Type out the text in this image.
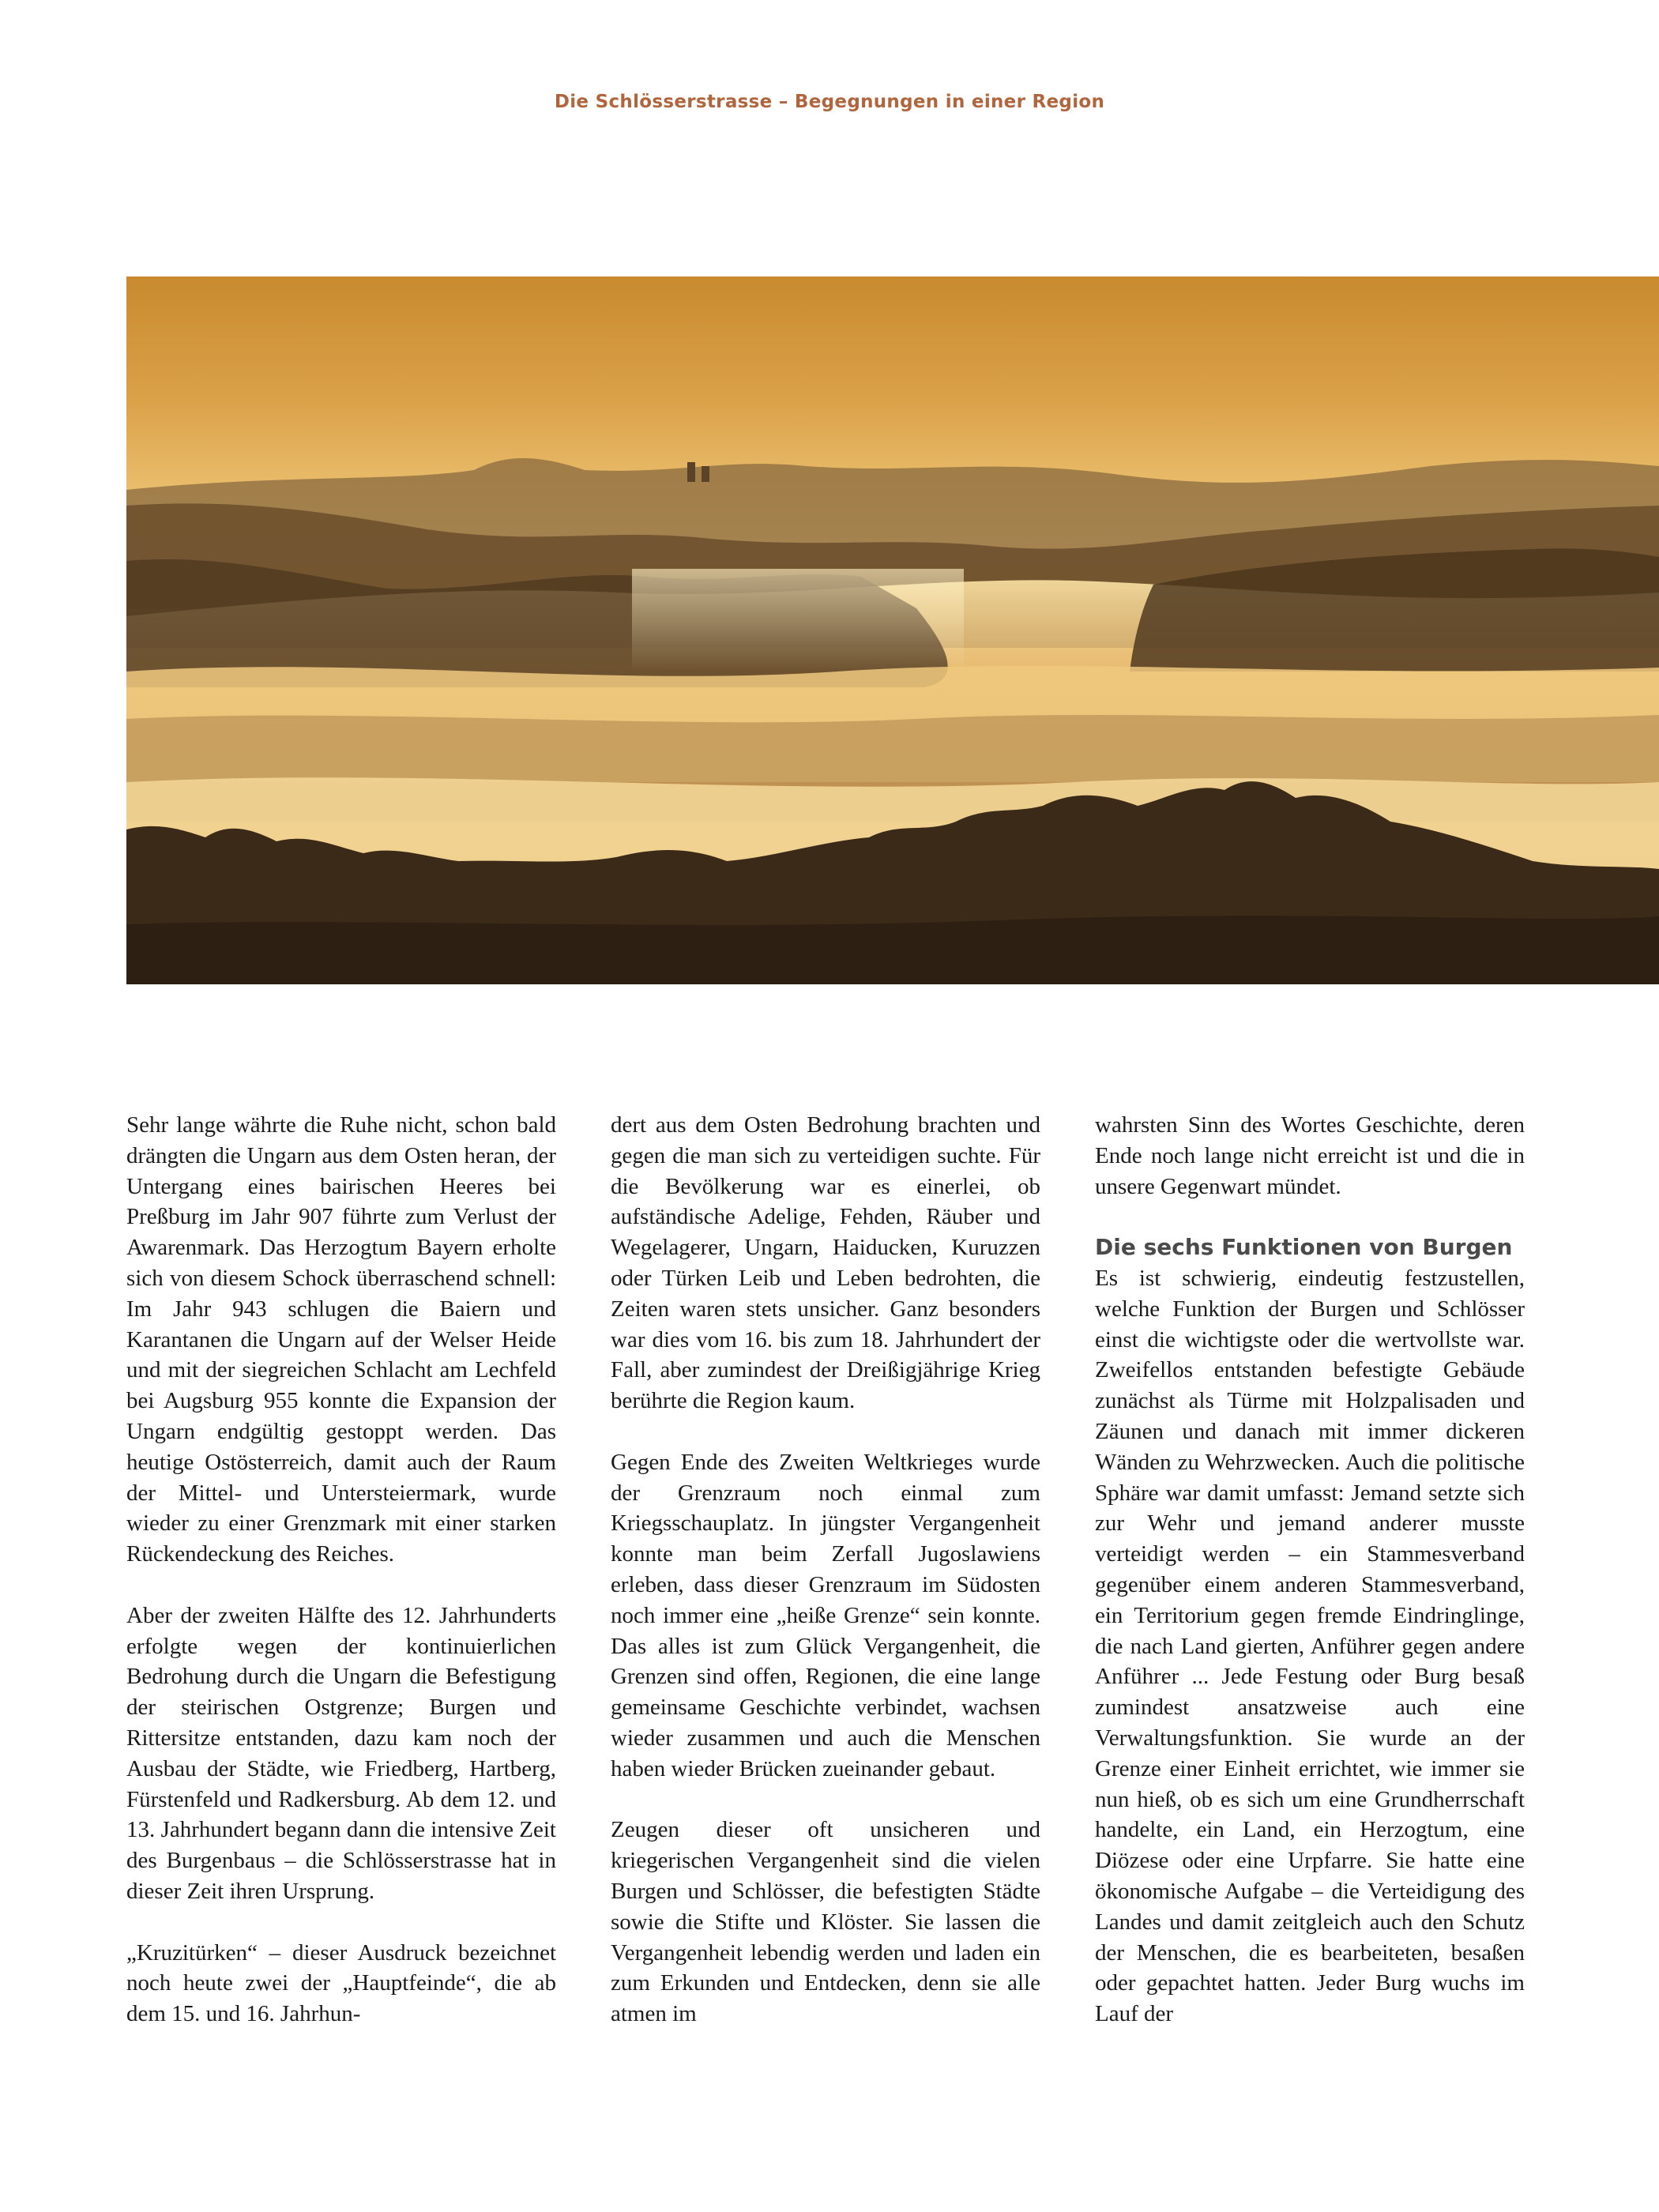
Die Schlösserstrasse – Begegnungen in einer Region

Sehr lange währte die Ruhe nicht, schon bald drängten die Ungarn aus dem Osten heran, der Untergang eines bairischen Heeres bei Preßburg im Jahr 907 führte zum Verlust der Awarenmark. Das Herzogtum Bayern erholte sich von diesem Schock überraschend schnell: Im Jahr 943 schlugen die Baiern und Karantanen die Ungarn auf der Welser Heide und mit der siegreichen Schlacht am Lechfeld bei Augsburg 955 konnte die Expansion der Ungarn endgültig gestoppt werden. Das heutige Ostösterreich, damit auch der Raum der Mittel- und Untersteiermark, wurde wieder zu einer Grenzmark mit einer starken Rückendeckung des Reiches.

Aber der zweiten Hälfte des 12. Jahrhunderts erfolgte wegen der kontinuierlichen Bedrohung durch die Ungarn die Befestigung der steirischen Ostgrenze; Burgen und Rittersitze entstanden, dazu kam noch der Ausbau der Städte, wie Friedberg, Hartberg, Fürstenfeld und Radkersburg. Ab dem 12. und 13. Jahrhundert begann dann die intensive Zeit des Burgenbaus – die Schlösserstrasse hat in dieser Zeit ihren Ursprung.

„Kruzitürken“ – dieser Ausdruck bezeichnet noch heute zwei der „Hauptfeinde“, die ab dem 15. und 16. Jahrhun-

dert aus dem Osten Bedrohung brachten und gegen die man sich zu verteidigen suchte. Für die Bevölkerung war es einerlei, ob aufständische Adelige, Fehden, Räuber und Wegelagerer, Ungarn, Haiducken, Kuruzzen oder Türken Leib und Leben bedrohten, die Zeiten waren stets unsicher. Ganz besonders war dies vom 16. bis zum 18. Jahrhundert der Fall, aber zumindest der Dreißigjährige Krieg berührte die Region kaum.

Gegen Ende des Zweiten Weltkrieges wurde der Grenzraum noch einmal zum Kriegsschauplatz. In jüngster Vergangenheit konnte man beim Zerfall Jugoslawiens erleben, dass dieser Grenzraum im Südosten noch immer eine „heiße Grenze“ sein konnte. Das alles ist zum Glück Vergangenheit, die Grenzen sind offen, Regionen, die eine lange gemeinsame Geschichte verbindet, wachsen wieder zusammen und auch die Menschen haben wieder Brücken zueinander gebaut.

Zeugen dieser oft unsicheren und kriegerischen Vergangenheit sind die vielen Burgen und Schlösser, die befestigten Städte sowie die Stifte und Klöster. Sie lassen die Vergangenheit lebendig werden und laden ein zum Erkunden und Entdecken, denn sie alle atmen im

wahrsten Sinn des Wortes Geschichte, deren Ende noch lange nicht erreicht ist und die in unsere Gegenwart mündet.

Die sechs Funktionen von Burgen

Es ist schwierig, eindeutig festzustellen, welche Funktion der Burgen und Schlösser einst die wichtigste oder die wertvollste war. Zweifellos entstanden befestigte Gebäude zunächst als Türme mit Holzpalisaden und Zäunen und danach mit immer dickeren Wänden zu Wehrzwecken. Auch die politische Sphäre war damit umfasst: Jemand setzte sich zur Wehr und jemand anderer musste verteidigt werden – ein Stammesverband gegenüber einem anderen Stammesverband, ein Territorium gegen fremde Eindringlinge, die nach Land gierten, Anführer gegen andere Anführer ... Jede Festung oder Burg besaß zumindest ansatzweise auch eine Verwaltungsfunktion. Sie wurde an der Grenze einer Einheit errichtet, wie immer sie nun hieß, ob es sich um eine Grundherrschaft handelte, ein Land, ein Herzogtum, eine Diözese oder eine Urpfarre. Sie hatte eine ökonomische Aufgabe – die Verteidigung des Landes und damit zeitgleich auch den Schutz der Menschen, die es bearbeiteten, besaßen oder gepachtet hatten. Jeder Burg wuchs im Lauf der
